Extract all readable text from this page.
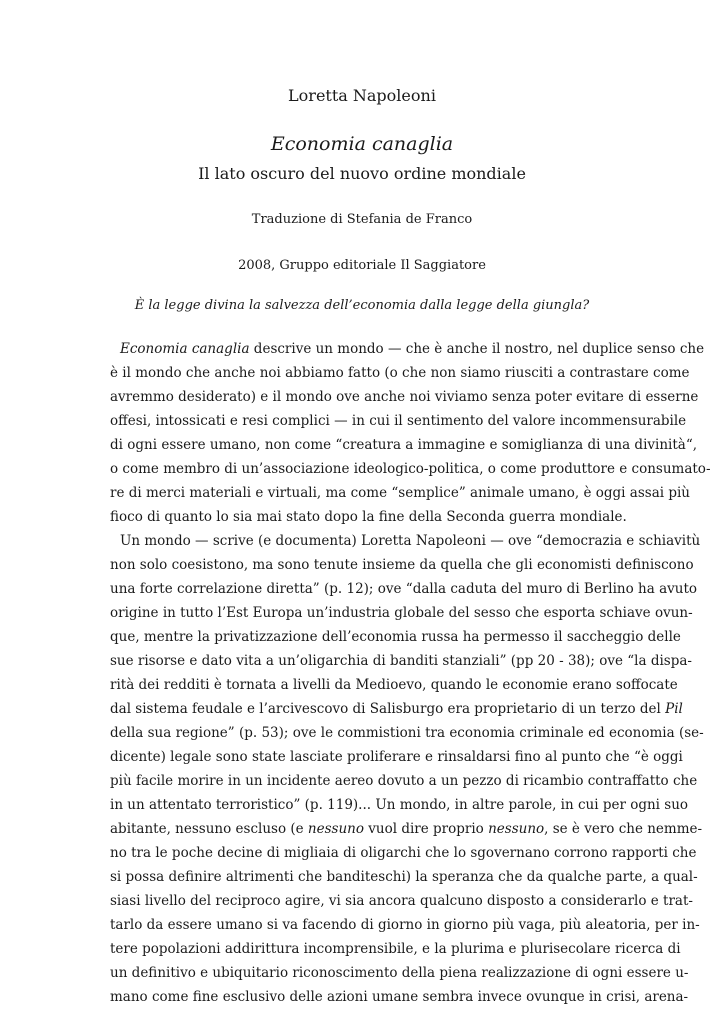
Loretta Napoleoni
Economia canaglia
Il lato oscuro del nuovo ordine mondiale
Traduzione di Stefania de Franco
2008, Gruppo editoriale Il Saggiatore
È la legge divina la salvezza dell’economia dalla legge della giungla?
Economia canaglia descrive un mondo — che è anche il nostro, nel duplice senso che
è il mondo che anche noi abbiamo fatto (o che non siamo riusciti a contrastare come
avremmo desiderato) e il mondo ove anche noi viviamo senza poter evitare di esserne
offesi, intossicati e resi complici — in cui il sentimento del valore incommensurabile
di ogni essere umano, non come “creatura a immagine e somiglianza di una divinità“,
o come membro di un’associazione ideologico-politica, o come produttore e consumato-
re di merci materiali e virtuali, ma come “semplice” animale umano, è oggi assai più
fioco di quanto lo sia mai stato dopo la fine della Seconda guerra mondiale.
Un mondo — scrive (e documenta) Loretta Napoleoni — ove “democrazia e schiavitù
non solo coesistono, ma sono tenute insieme da quella che gli economisti definiscono
una forte correlazione diretta” (p. 12); ove “dalla caduta del muro di Berlino ha avuto
origine in tutto l’Est Europa un’industria globale del sesso che esporta schiave ovun-
que, mentre la privatizzazione dell’economia russa ha permesso il saccheggio delle
sue risorse e dato vita a un’oligarchia di banditi stanziali” (pp 20 - 38); ove “la dispa-
rità dei redditi è tornata a livelli da Medioevo, quando le economie erano soffocate
dal sistema feudale e l’arcivescovo di Salisburgo era proprietario di un terzo del Pil
della sua regione” (p. 53); ove le commistioni tra economia criminale ed economia (se-
dicente) legale sono state lasciate proliferare e rinsaldarsi fino al punto che “è oggi
più facile morire in un incidente aereo dovuto a un pezzo di ricambio contraffatto che
in un attentato terroristico” (p. 119)... Un mondo, in altre parole, in cui per ogni suo
abitante, nessuno escluso (e nessuno vuol dire proprio nessuno, se è vero che nemme-
no tra le poche decine di migliaia di oligarchi che lo sgovernano corrono rapporti che
si possa definire altrimenti che banditeschi) la speranza che da qualche parte, a qual-
siasi livello del reciproco agire, vi sia ancora qualcuno disposto a considerarlo e trat-
tarlo da essere umano si va facendo di giorno in giorno più vaga, più aleatoria, per in-
tere popolazioni addirittura incomprensibile, e la plurima e plurisecolare ricerca di
un definitivo e ubiquitario riconoscimento della piena realizzazione di ogni essere u-
mano come fine esclusivo delle azioni umane sembra invece ovunque in crisi, arena-
